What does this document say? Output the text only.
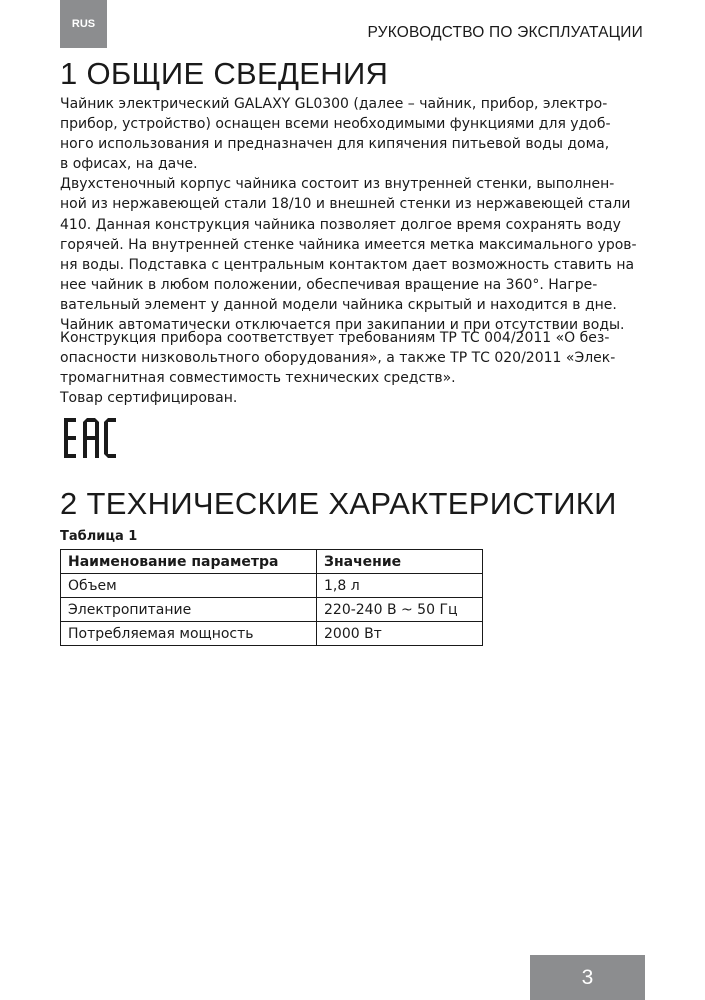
RUS	РУКОВОДСТВО ПО ЭКСПЛУАТАЦИИ
1 ОБЩИЕ СВЕДЕНИЯ

Чайник электрический GALAXY GL0300 (далее – чайник, прибор, электро-

прибор, устройство) оснащен всеми необходимыми функциями для удоб-

ного использования и предназначен для кипячения питьевой воды дома,

в офисах, на даче.

Двухстеночный корпус чайника состоит из внутренней стенки, выполнен-

ной из нержавеющей стали 18/10 и внешней стенки из нержавеющей стали

410. Данная конструкция чайника позволяет долгое время сохранять воду

горячей. На внутренней стенке чайника имеется метка максимального уров-

ня воды. Подставка с центральным контактом дает возможность ставить на

нее чайник в любом положении, обеспечивая вращение на 360°. Нагре-

вательный элемент у данной модели чайника скрытый и находится в дне.

Чайник автоматически отключается при закипании и при отсутствии воды.

Конструкция прибора соответствует требованиям ТР ТС 004/2011 «О без-

опасности низковольтного оборудования», а также ТР ТС 020/2011 «Элек-

тромагнитная совместимость технических средств».

Товар сертифицирован.

2 ТЕХНИЧЕСКИЕ ХАРАКТЕРИСТИКИ
Таблица 1
Наименование параметра	Значение
Объем	1,8 л
Электропитание	220-240 В ~ 50 Гц
Потребляемая мощность	2000 Вт
3
